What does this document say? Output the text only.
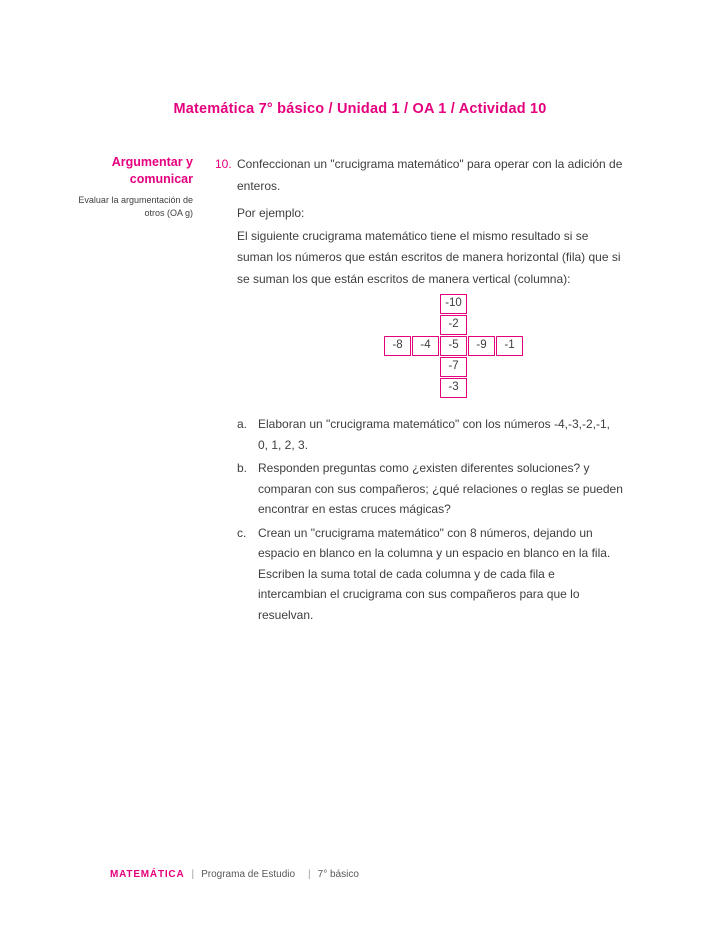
Matemática 7° básico / Unidad 1 / OA 1 / Actividad 10
Argumentar y comunicar
Evaluar la argumentación de otros (OA g)
10. Confeccionan un "crucigrama matemático" para operar con la adición de enteros.

Por ejemplo:

El siguiente crucigrama matemático tiene el mismo resultado si se suman los números que están escritos de manera horizontal (fila) que si se suman los que están escritos de manera vertical (columna):

-10
-2
-8	-4	-5	-9	-1
-7
-3
a. Elaboran un "crucigrama matemático" con los números -4,-3,-2,-1, 0, 1, 2, 3.

b. Responden preguntas como ¿existen diferentes soluciones? y comparan con sus compañeros; ¿qué relaciones o reglas se pueden encontrar en estas cruces mágicas?

c. Crean un "crucigrama matemático" con 8 números, dejando un espacio en blanco en la columna y un espacio en blanco en la fila. Escriben la suma total de cada columna y de cada fila e intercambian el crucigrama con sus compañeros para que lo resuelvan.

MATEMÁTICA | Programa de Estudio | 7° básico
